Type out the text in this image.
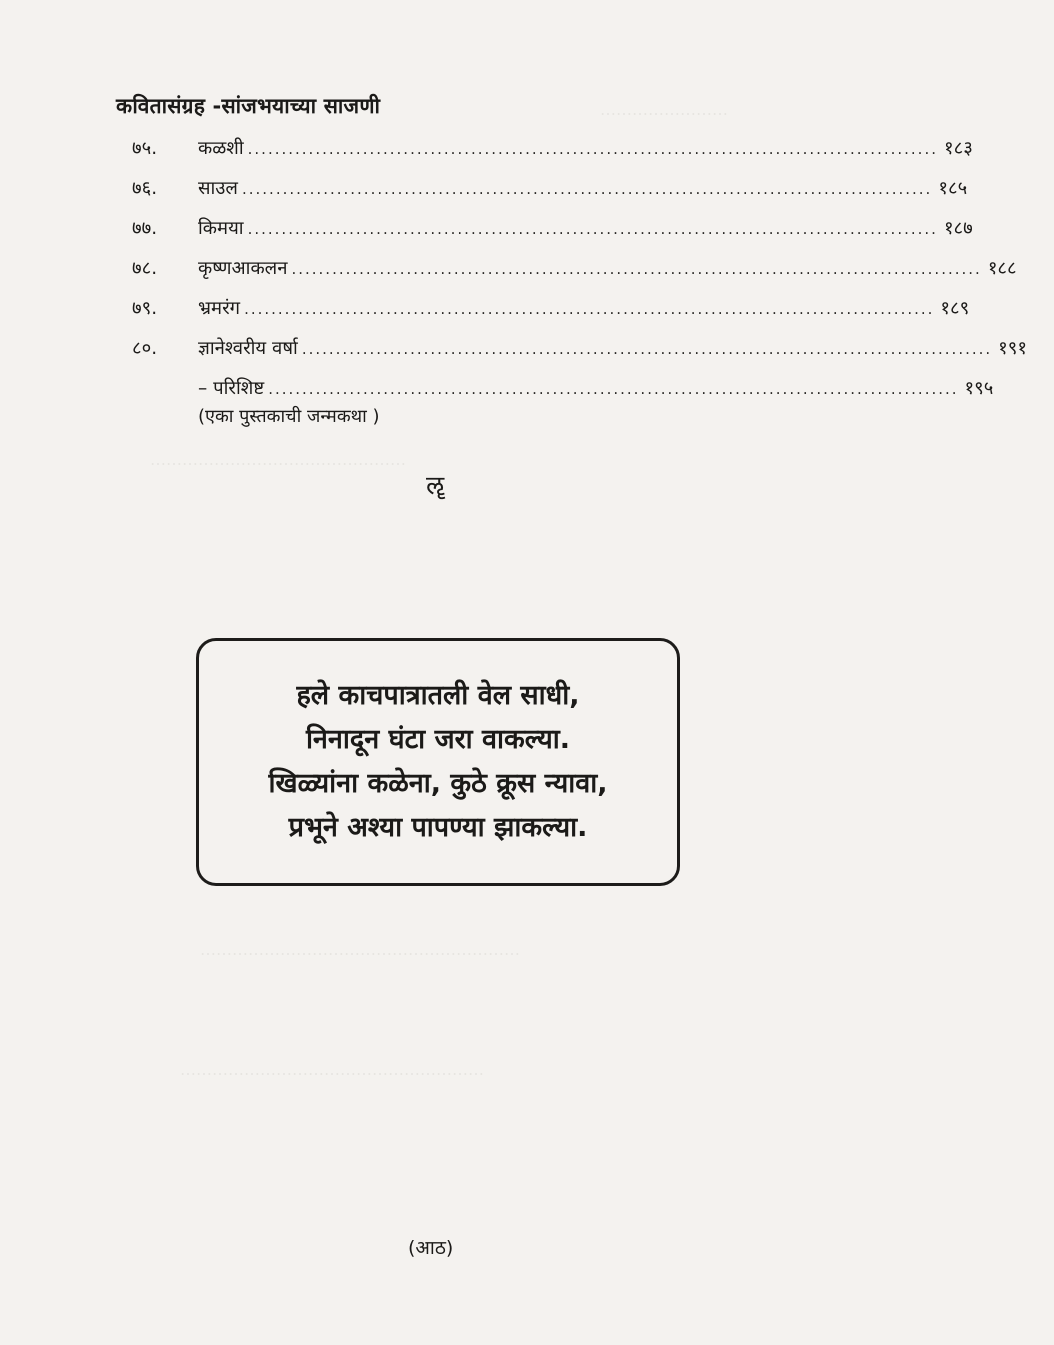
……………………
…………………………………………
……………………………………………………
…………………………………………………
कवितासंग्रह -सांजभयाच्या साजणी
७५.	कळशी ...................................................................................................... १८३
७६.	साउल ...................................................................................................... १८५
७७.	किमया ...................................................................................................... १८७
७८.	कृष्णआकलन ...................................................................................................... १८८
७९.	भ्रमरंग ...................................................................................................... १८९
८०.	ज्ञानेश्वरीय वर्षा ...................................................................................................... १९१
– परिशिष्ट ...................................................................................................... १९५
(एका पुस्तकाची जन्मकथा )
ॡ
हले काचपात्रातली वेल साधी,
निनादून घंटा जरा वाकल्या.
खिळ्यांना कळेना, कुठे क्रूस न्यावा,
प्रभूने अश्या पापण्या झाकल्या.
(आठ)
